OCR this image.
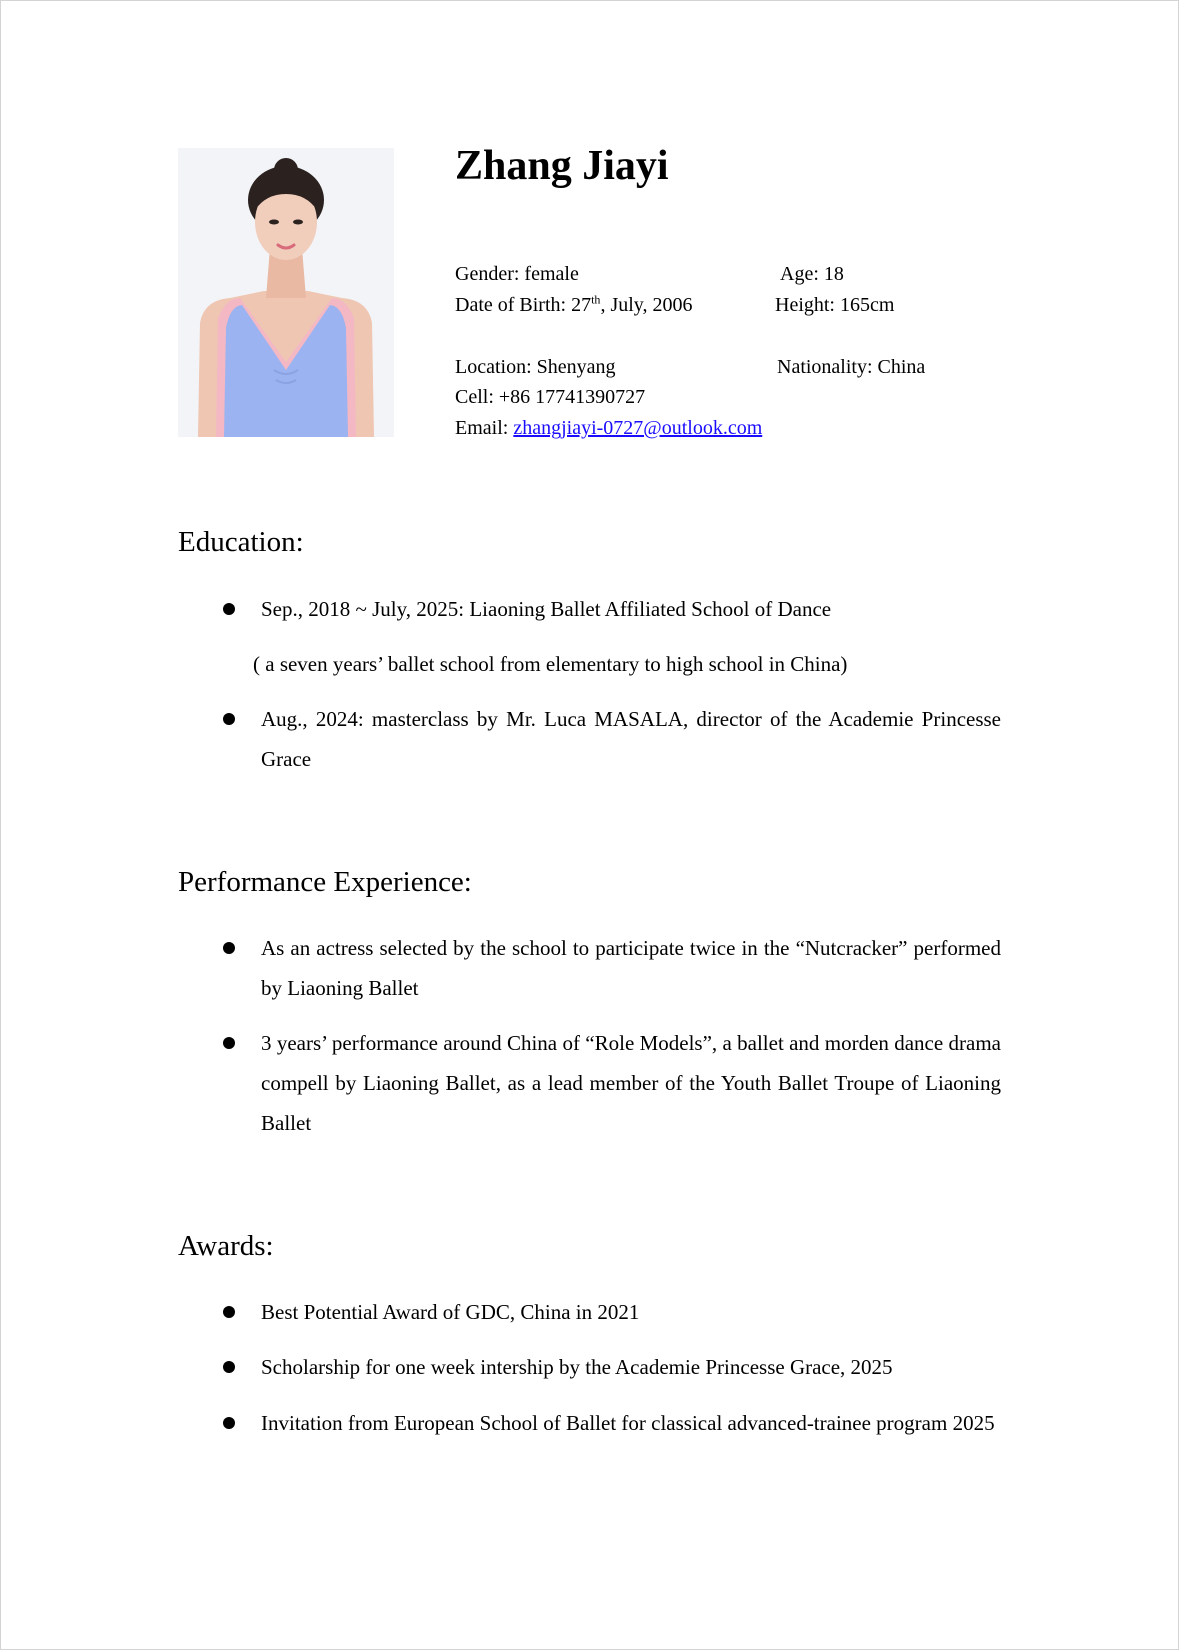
Zhang Jiayi
Gender: female	Age: 18
Date of Birth: 27th, July, 2006	Height: 165cm
Location: Shenyang	Nationality: China
Cell: +86 17741390727
Email: zhangjiayi-0727@outlook.com
Education:
Sep., 2018 ~ July, 2025: Liaoning Ballet Affiliated School of Dance
( a seven years’ ballet school from elementary to high school in China)
Aug., 2024: masterclass by Mr. Luca MASALA, director of the Academie Princesse Grace
Performance Experience:
As an actress selected by the school to participate twice in the “Nutcracker” performed by Liaoning Ballet
3 years’ performance around China of “Role Models”, a ballet and morden dance drama compell by Liaoning Ballet, as a lead member of the Youth Ballet Troupe of Liaoning Ballet
Awards:
Best Potential Award of GDC, China in 2021
Scholarship for one week intership by the Academie Princesse Grace, 2025
Invitation from European School of Ballet for classical advanced-trainee program 2025
